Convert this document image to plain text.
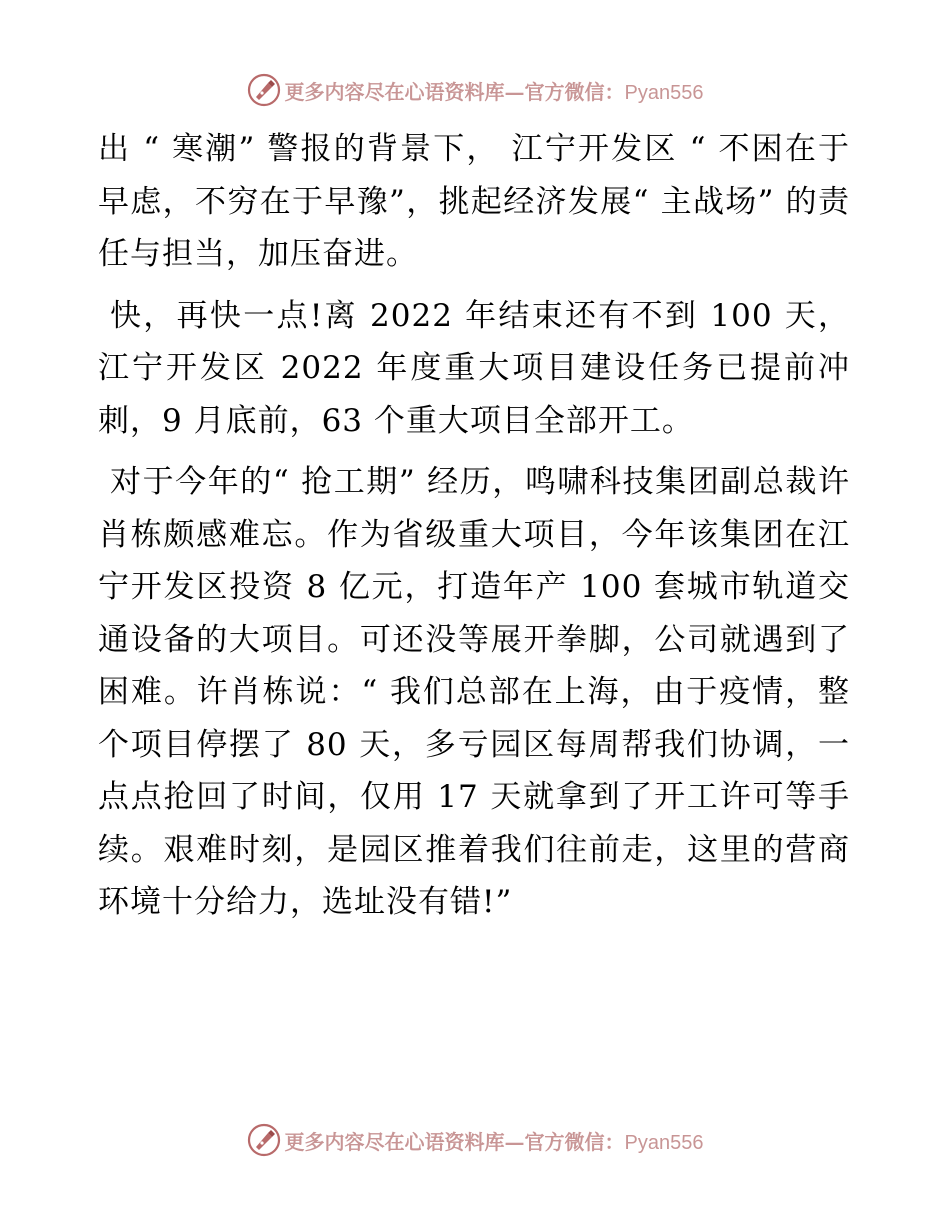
更多内容尽在心语资料库—官方微信：Pyan556

出 “ 寒潮” 警报的背景下， 江宁开发区 “ 不困在于早虑，不穷在于早豫”，挑起经济发展“ 主战场” 的责任与担当，加压奋进。

快，再快一点!离 2022 年结束还有不到 100 天， 江宁开发区 2022 年度重大项目建设任务已提前冲刺，9 月底前，63 个重大项目全部开工。

对于今年的“ 抢工期” 经历，鸣啸科技集团副总裁许肖栋颇感难忘。作为省级重大项目，今年该集团在江宁开发区投资 8 亿元，打造年产 100 套城市轨道交通设备的大项目。可还没等展开拳脚，公司就遇到了困难。许肖栋说：“ 我们总部在上海，由于疫情，整个项目停摆了 80 天，多亏园区每周帮我们协调，一点点抢回了时间，仅用 17 天就拿到了开工许可等手续。艰难时刻，是园区推着我们往前走，这里的营商环境十分给力，选址没有错!”

更多内容尽在心语资料库—官方微信：Pyan556
